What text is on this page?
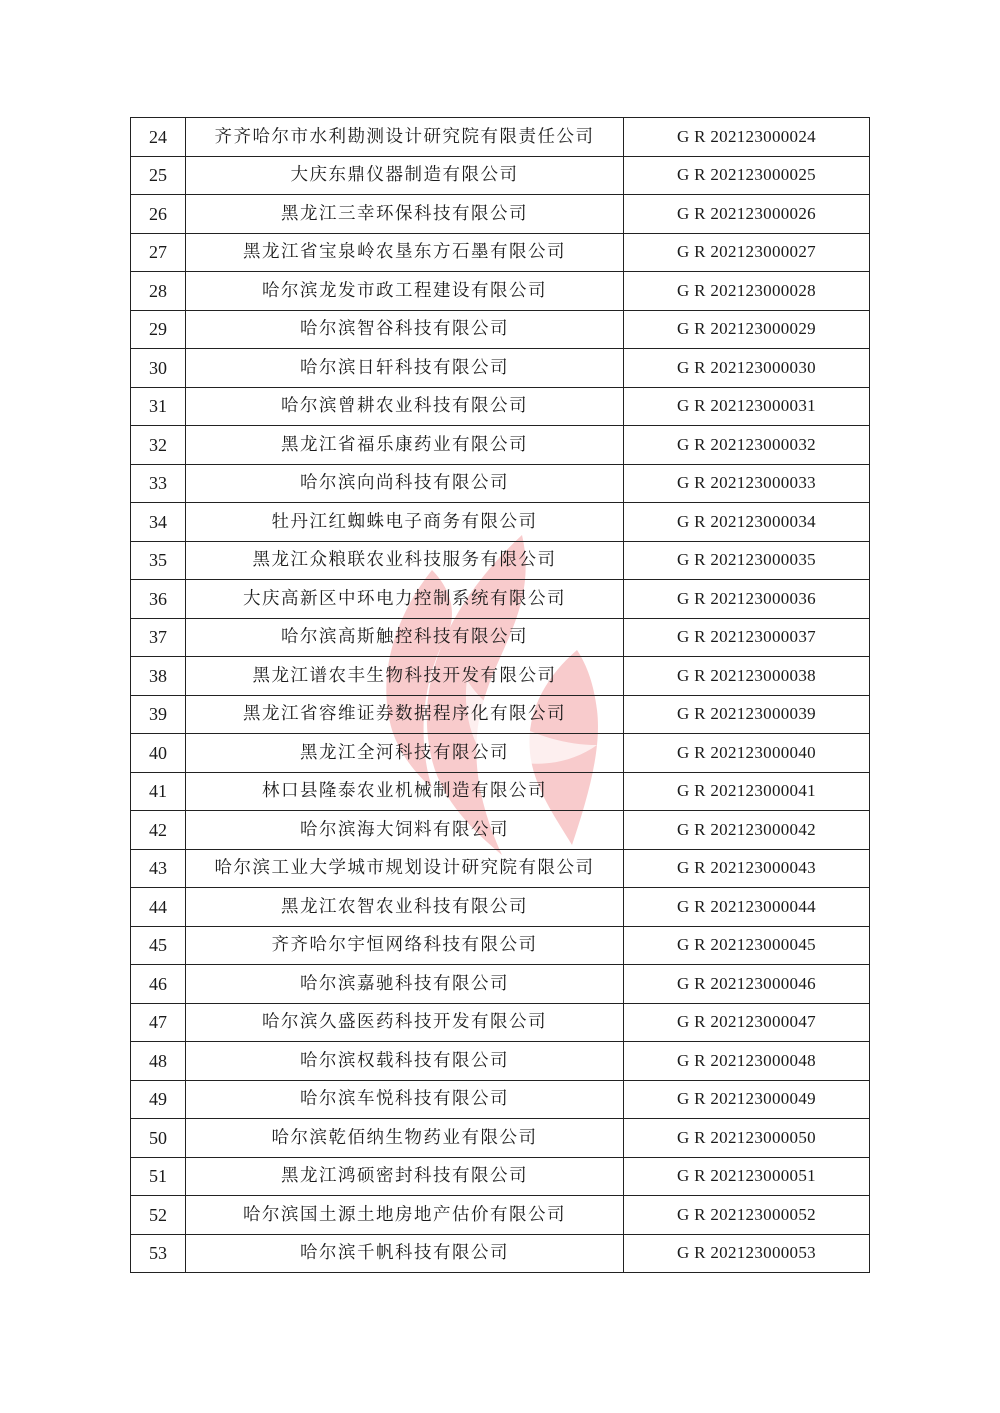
24	齐齐哈尔市水利勘测设计研究院有限责任公司	G R 202123000024
25	大庆东鼎仪器制造有限公司	G R 202123000025
26	黑龙江三幸环保科技有限公司	G R 202123000026
27	黑龙江省宝泉岭农垦东方石墨有限公司	G R 202123000027
28	哈尔滨龙发市政工程建设有限公司	G R 202123000028
29	哈尔滨智谷科技有限公司	G R 202123000029
30	哈尔滨日轩科技有限公司	G R 202123000030
31	哈尔滨曾耕农业科技有限公司	G R 202123000031
32	黑龙江省福乐康药业有限公司	G R 202123000032
33	哈尔滨向尚科技有限公司	G R 202123000033
34	牡丹江红蜘蛛电子商务有限公司	G R 202123000034
35	黑龙江众粮联农业科技服务有限公司	G R 202123000035
36	大庆高新区中环电力控制系统有限公司	G R 202123000036
37	哈尔滨高斯触控科技有限公司	G R 202123000037
38	黑龙江谱农丰生物科技开发有限公司	G R 202123000038
39	黑龙江省容维证券数据程序化有限公司	G R 202123000039
40	黑龙江全河科技有限公司	G R 202123000040
41	林口县隆泰农业机械制造有限公司	G R 202123000041
42	哈尔滨海大饲料有限公司	G R 202123000042
43	哈尔滨工业大学城市规划设计研究院有限公司	G R 202123000043
44	黑龙江农智农业科技有限公司	G R 202123000044
45	齐齐哈尔宇恒网络科技有限公司	G R 202123000045
46	哈尔滨嘉驰科技有限公司	G R 202123000046
47	哈尔滨久盛医药科技开发有限公司	G R 202123000047
48	哈尔滨权载科技有限公司	G R 202123000048
49	哈尔滨车悦科技有限公司	G R 202123000049
50	哈尔滨乾佰纳生物药业有限公司	G R 202123000050
51	黑龙江鸿硕密封科技有限公司	G R 202123000051
52	哈尔滨国土源土地房地产估价有限公司	G R 202123000052
53	哈尔滨千帆科技有限公司	G R 202123000053
